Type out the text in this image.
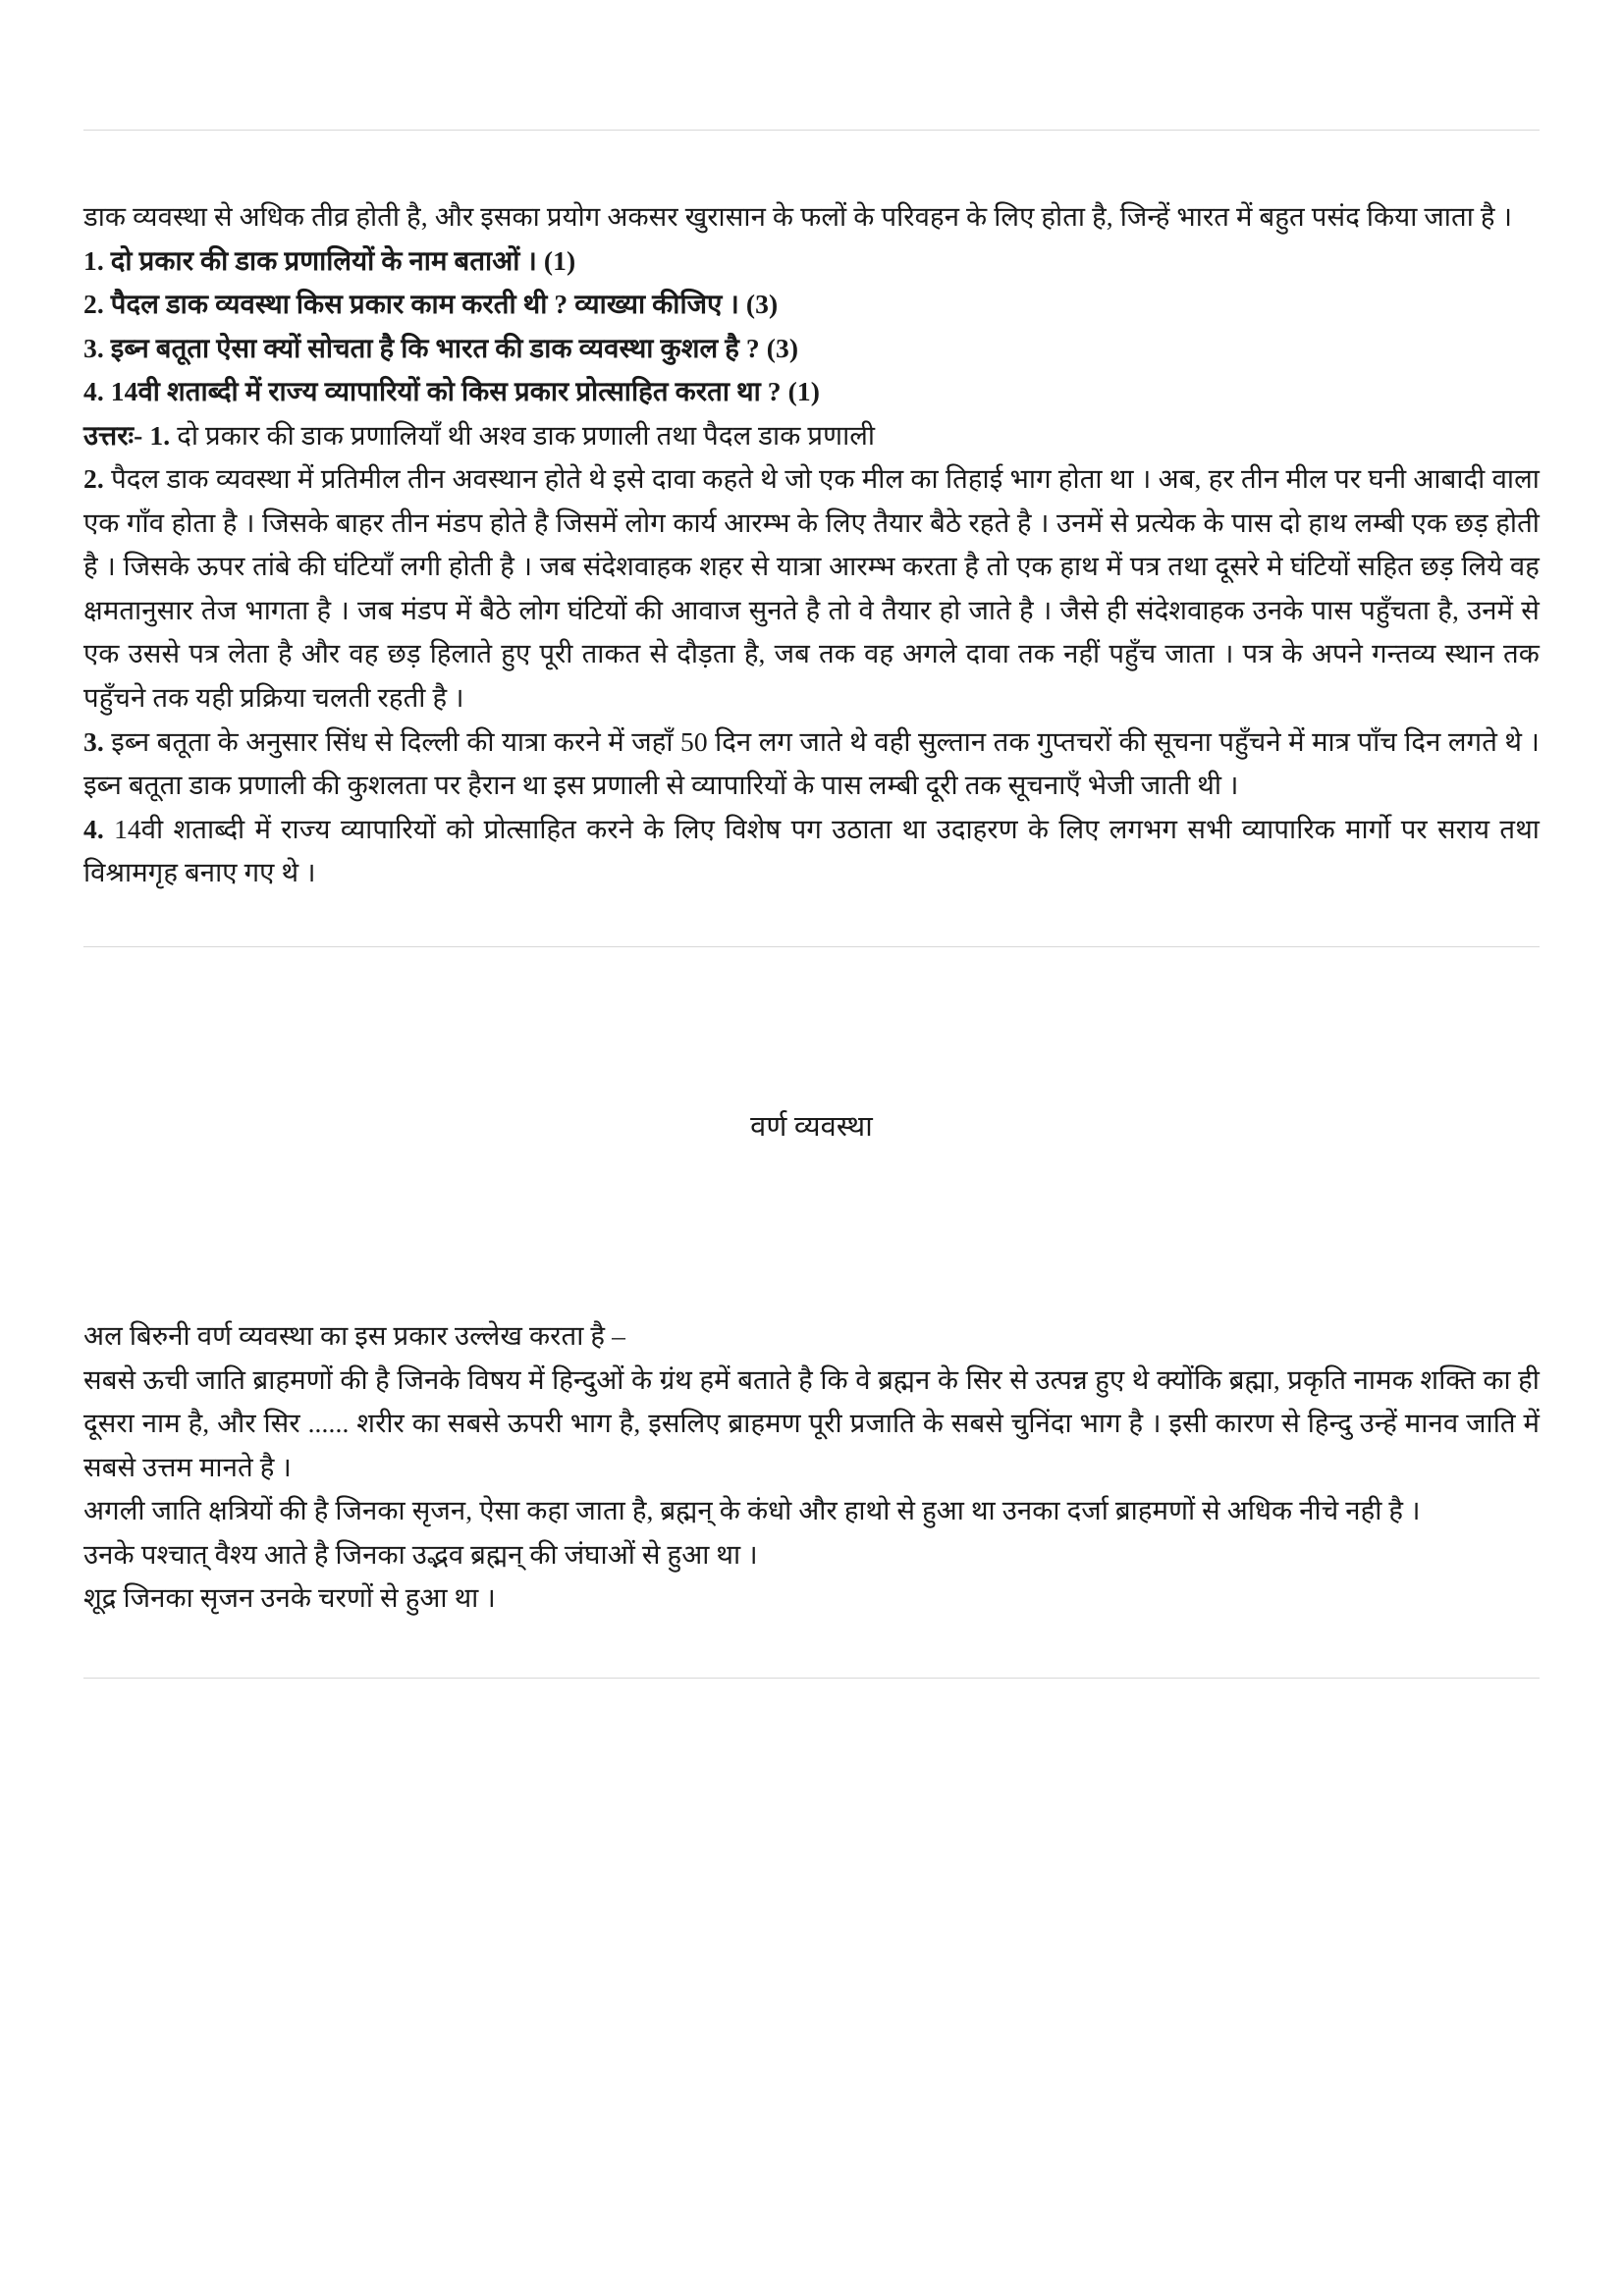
डाक व्यवस्था से अधिक तीव्र होती है, और इसका प्रयोग अकसर खुरासान के फलों के परिवहन के लिए होता है, जिन्हें भारत में बहुत पसंद किया जाता है ।

1. दो प्रकार की डाक प्रणालियों के नाम बताओं । (1)

2. पैदल डाक व्यवस्था किस प्रकार काम करती थी ? व्याख्या कीजिए । (3)

3. इब्न बतूता ऐसा क्यों सोचता है कि भारत की डाक व्यवस्था कुशल है ? (3)

4. 14वी शताब्दी में राज्य व्यापारियों को किस प्रकार प्रोत्साहित करता था ? (1)

उत्तरः- 1. दो प्रकार की डाक प्रणालियाँ थी अश्व डाक प्रणाली तथा पैदल डाक प्रणाली

2. पैदल डाक व्यवस्था में प्रतिमील तीन अवस्थान होते थे इसे दावा कहते थे जो एक मील का तिहाई भाग होता था । अब, हर तीन मील पर घनी आबादी वाला एक गाँव होता है । जिसके बाहर तीन मंडप होते है जिसमें लोग कार्य आरम्भ के लिए तैयार बैठे रहते है । उनमें से प्रत्येक के पास दो हाथ लम्बी एक छड़ होती है । जिसके ऊपर तांबे की घंटियाँ लगी होती है । जब संदेशवाहक शहर से यात्रा आरम्भ करता है तो एक हाथ में पत्र तथा दूसरे मे घंटियों सहित छड़ लिये वह क्षमतानुसार तेज भागता है । जब मंडप में बैठे लोग घंटियों की आवाज सुनते है तो वे तैयार हो जाते है । जैसे ही संदेशवाहक उनके पास पहुँचता है, उनमें से एक उससे पत्र लेता है और वह छड़ हिलाते हुए पूरी ताकत से दौड़ता है, जब तक वह अगले दावा तक नहीं पहुँच जाता । पत्र के अपने गन्तव्य स्थान तक पहुँचने तक यही प्रक्रिया चलती रहती है ।

3. इब्न बतूता के अनुसार सिंध से दिल्ली की यात्रा करने में जहाँ 50 दिन लग जाते थे वही सुल्तान तक गुप्तचरों की सूचना पहुँचने में मात्र पाँच दिन लगते थे । इब्न बतूता डाक प्रणाली की कुशलता पर हैरान था इस प्रणाली से व्यापारियों के पास लम्बी दूरी तक सूचनाएँ भेजी जाती थी ।

4. 14वी शताब्दी में राज्य व्यापारियों को प्रोत्साहित करने के लिए विशेष पग उठाता था उदाहरण के लिए लगभग सभी व्यापारिक मार्गो पर सराय तथा विश्रामगृह बनाए गए थे ।

वर्ण व्यवस्था

अल बिरुनी वर्ण व्यवस्था का इस प्रकार उल्लेख करता है –

सबसे ऊची जाति ब्राहमणों की है जिनके विषय में हिन्दुओं के ग्रंथ हमें बताते है कि वे ब्रह्मन के सिर से उत्पन्न हुए थे क्योंकि ब्रह्मा, प्रकृति नामक शक्ति का ही दूसरा नाम है, और सिर ...... शरीर का सबसे ऊपरी भाग है, इसलिए ब्राहमण पूरी प्रजाति के सबसे चुनिंदा भाग है । इसी कारण से हिन्दु उन्हें मानव जाति में सबसे उत्तम मानते है ।

अगली जाति क्षत्रियों की है जिनका सृजन, ऐसा कहा जाता है, ब्रह्मन् के कंधो और हाथो से हुआ था उनका दर्जा ब्राहमणों से अधिक नीचे नही है ।

उनके पश्चात् वैश्य आते है जिनका उद्भव ब्रह्मन् की जंघाओं से हुआ था ।

शूद्र जिनका सृजन उनके चरणों से हुआ था ।
